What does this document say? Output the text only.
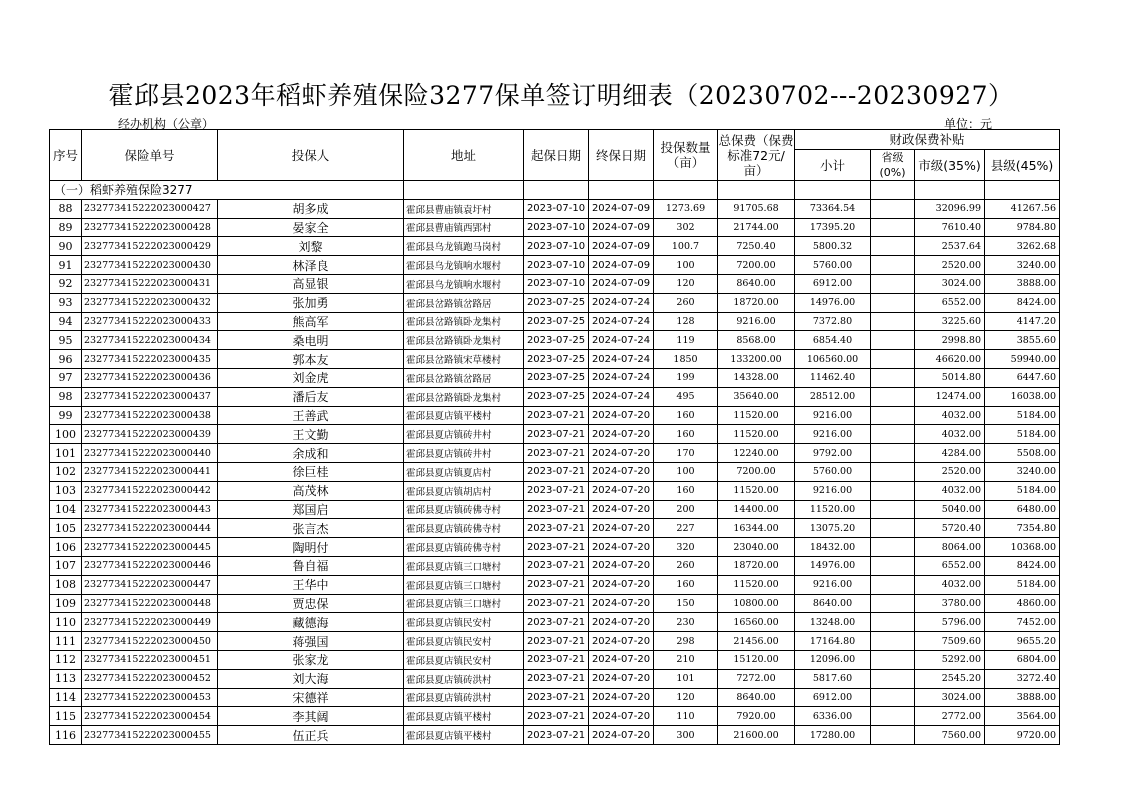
霍邱县2023年稻虾养殖保险3277保单签订明细表（20230702---20230927）
经办机构（公章）	单位：元
序号	保险单号	投保人	地址	起保日期	终保日期	投保数量（亩）	总保费（保费标准72元/亩）	财政保费补贴			
								小计	省级(0%)	市级(35%)	县级(45%)
（一）稻虾养殖保险3277											
88	232773415222023000427	胡多成	霍邱县曹庙镇袁圩村	2023-07-10	2024-07-09	1273.69	91705.68	73364.54		32096.99	41267.56
89	232773415222023000428	晏家全	霍邱县曹庙镇西郢村	2023-07-10	2024-07-09	302	21744.00	17395.20		7610.40	9784.80
90	232773415222023000429	刘黎	霍邱县乌龙镇跑马岗村	2023-07-10	2024-07-09	100.7	7250.40	5800.32		2537.64	3262.68
91	232773415222023000430	林泽良	霍邱县乌龙镇响水堰村	2023-07-10	2024-07-09	100	7200.00	5760.00		2520.00	3240.00
92	232773415222023000431	高显银	霍邱县乌龙镇响水堰村	2023-07-10	2024-07-09	120	8640.00	6912.00		3024.00	3888.00
93	232773415222023000432	张加勇	霍邱县岔路镇岔路居	2023-07-25	2024-07-24	260	18720.00	14976.00		6552.00	8424.00
94	232773415222023000433	熊高军	霍邱县岔路镇卧龙集村	2023-07-25	2024-07-24	128	9216.00	7372.80		3225.60	4147.20
95	232773415222023000434	桑电明	霍邱县岔路镇卧龙集村	2023-07-25	2024-07-24	119	8568.00	6854.40		2998.80	3855.60
96	232773415222023000435	郭本友	霍邱县岔路镇宋草楼村	2023-07-25	2024-07-24	1850	133200.00	106560.00		46620.00	59940.00
97	232773415222023000436	刘金虎	霍邱县岔路镇岔路居	2023-07-25	2024-07-24	199	14328.00	11462.40		5014.80	6447.60
98	232773415222023000437	潘后友	霍邱县岔路镇卧龙集村	2023-07-25	2024-07-24	495	35640.00	28512.00		12474.00	16038.00
99	232773415222023000438	王善武	霍邱县夏店镇平楼村	2023-07-21	2024-07-20	160	11520.00	9216.00		4032.00	5184.00
100	232773415222023000439	王文勤	霍邱县夏店镇砖井村	2023-07-21	2024-07-20	160	11520.00	9216.00		4032.00	5184.00
101	232773415222023000440	余成和	霍邱县夏店镇砖井村	2023-07-21	2024-07-20	170	12240.00	9792.00		4284.00	5508.00
102	232773415222023000441	徐巨桂	霍邱县夏店镇夏店村	2023-07-21	2024-07-20	100	7200.00	5760.00		2520.00	3240.00
103	232773415222023000442	高茂林	霍邱县夏店镇胡店村	2023-07-21	2024-07-20	160	11520.00	9216.00		4032.00	5184.00
104	232773415222023000443	郑国启	霍邱县夏店镇砖佛寺村	2023-07-21	2024-07-20	200	14400.00	11520.00		5040.00	6480.00
105	232773415222023000444	张言杰	霍邱县夏店镇砖佛寺村	2023-07-21	2024-07-20	227	16344.00	13075.20		5720.40	7354.80
106	232773415222023000445	陶明付	霍邱县夏店镇砖佛寺村	2023-07-21	2024-07-20	320	23040.00	18432.00		8064.00	10368.00
107	232773415222023000446	鲁自福	霍邱县夏店镇三口塘村	2023-07-21	2024-07-20	260	18720.00	14976.00		6552.00	8424.00
108	232773415222023000447	王华中	霍邱县夏店镇三口塘村	2023-07-21	2024-07-20	160	11520.00	9216.00		4032.00	5184.00
109	232773415222023000448	贾忠保	霍邱县夏店镇三口塘村	2023-07-21	2024-07-20	150	10800.00	8640.00		3780.00	4860.00
110	232773415222023000449	藏德海	霍邱县夏店镇民安村	2023-07-21	2024-07-20	230	16560.00	13248.00		5796.00	7452.00
111	232773415222023000450	蒋强国	霍邱县夏店镇民安村	2023-07-21	2024-07-20	298	21456.00	17164.80		7509.60	9655.20
112	232773415222023000451	张家龙	霍邱县夏店镇民安村	2023-07-21	2024-07-20	210	15120.00	12096.00		5292.00	6804.00
113	232773415222023000452	刘大海	霍邱县夏店镇砖洪村	2023-07-21	2024-07-20	101	7272.00	5817.60		2545.20	3272.40
114	232773415222023000453	宋德祥	霍邱县夏店镇砖洪村	2023-07-21	2024-07-20	120	8640.00	6912.00		3024.00	3888.00
115	232773415222023000454	李其阔	霍邱县夏店镇平楼村	2023-07-21	2024-07-20	110	7920.00	6336.00		2772.00	3564.00
116	232773415222023000455	伍正兵	霍邱县夏店镇平楼村	2023-07-21	2024-07-20	300	21600.00	17280.00		7560.00	9720.00
